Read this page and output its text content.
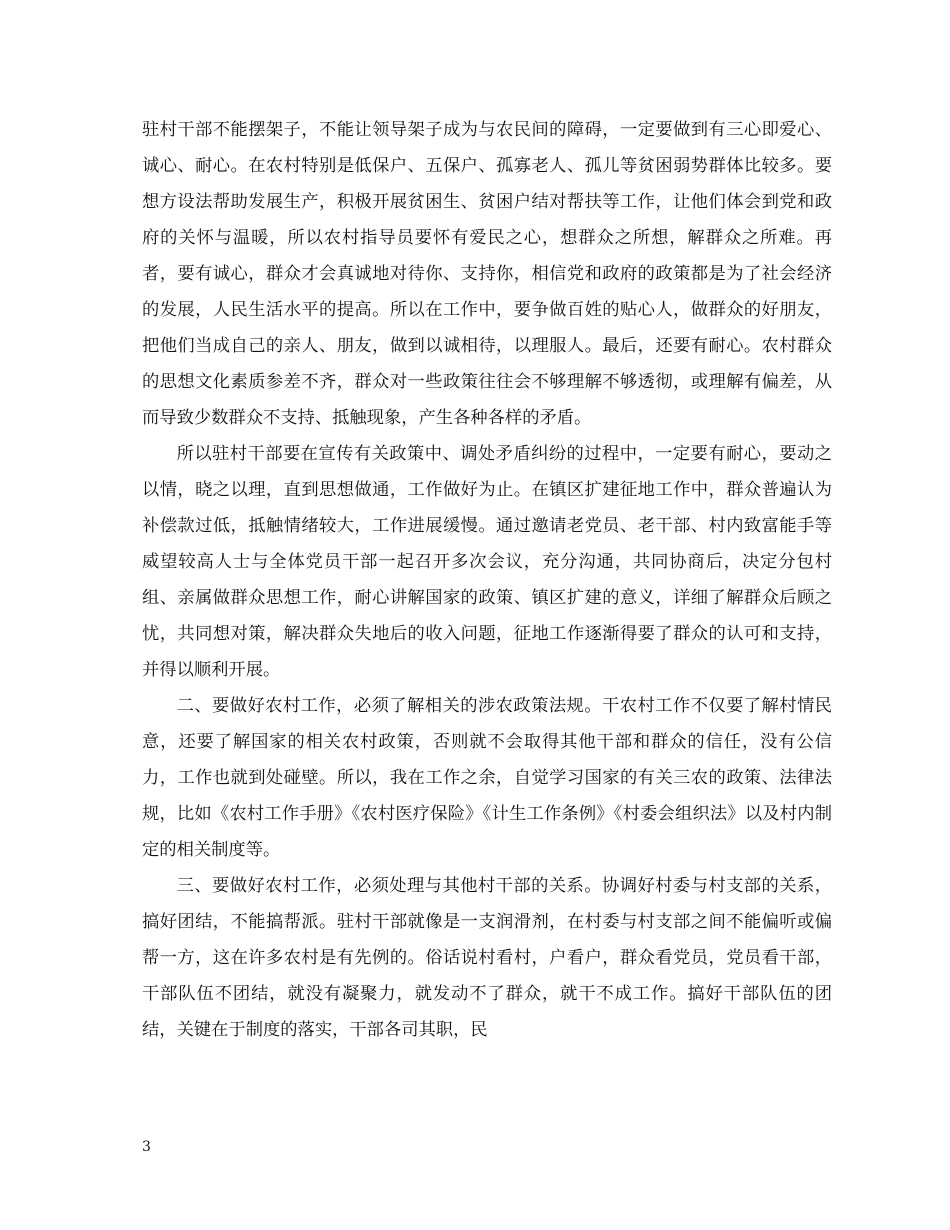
驻村干部不能摆架子，不能让领导架子成为与农民间的障碍，一定要做到有三心即爱心、诚心、耐心。在农村特别是低保户、五保户、孤寡老人、孤儿等贫困弱势群体比较多。要想方设法帮助发展生产，积极开展贫困生、贫困户结对帮扶等工作，让他们体会到党和政府的关怀与温暖，所以农村指导员要怀有爱民之心，想群众之所想，解群众之所难。再者，要有诚心，群众才会真诚地对待你、支持你，相信党和政府的政策都是为了社会经济的发展，人民生活水平的提高。所以在工作中，要争做百姓的贴心人，做群众的好朋友，把他们当成自己的亲人、朋友，做到以诚相待，以理服人。最后，还要有耐心。农村群众的思想文化素质参差不齐，群众对一些政策往往会不够理解不够透彻，或理解有偏差，从而导致少数群众不支持、抵触现象，产生各种各样的矛盾。

所以驻村干部要在宣传有关政策中、调处矛盾纠纷的过程中，一定要有耐心，要动之以情，晓之以理，直到思想做通，工作做好为止。在镇区扩建征地工作中，群众普遍认为补偿款过低，抵触情绪较大，工作进展缓慢。通过邀请老党员、老干部、村内致富能手等威望较高人士与全体党员干部一起召开多次会议，充分沟通，共同协商后，决定分包村组、亲属做群众思想工作，耐心讲解国家的政策、镇区扩建的意义，详细了解群众后顾之忧，共同想对策，解决群众失地后的收入问题，征地工作逐渐得要了群众的认可和支持，并得以顺利开展。

二、要做好农村工作，必须了解相关的涉农政策法规。干农村工作不仅要了解村情民意，还要了解国家的相关农村政策，否则就不会取得其他干部和群众的信任，没有公信力，工作也就到处碰壁。所以，我在工作之余，自觉学习国家的有关三农的政策、法律法规，比如《农村工作手册》《农村医疗保险》《计生工作条例》《村委会组织法》以及村内制定的相关制度等。

三、要做好农村工作，必须处理与其他村干部的关系。协调好村委与村支部的关系，搞好团结，不能搞帮派。驻村干部就像是一支润滑剂，在村委与村支部之间不能偏听或偏帮一方，这在许多农村是有先例的。俗话说村看村，户看户，群众看党员，党员看干部，干部队伍不团结，就没有凝聚力，就发动不了群众，就干不成工作。搞好干部队伍的团结，关键在于制度的落实，干部各司其职，民

3
